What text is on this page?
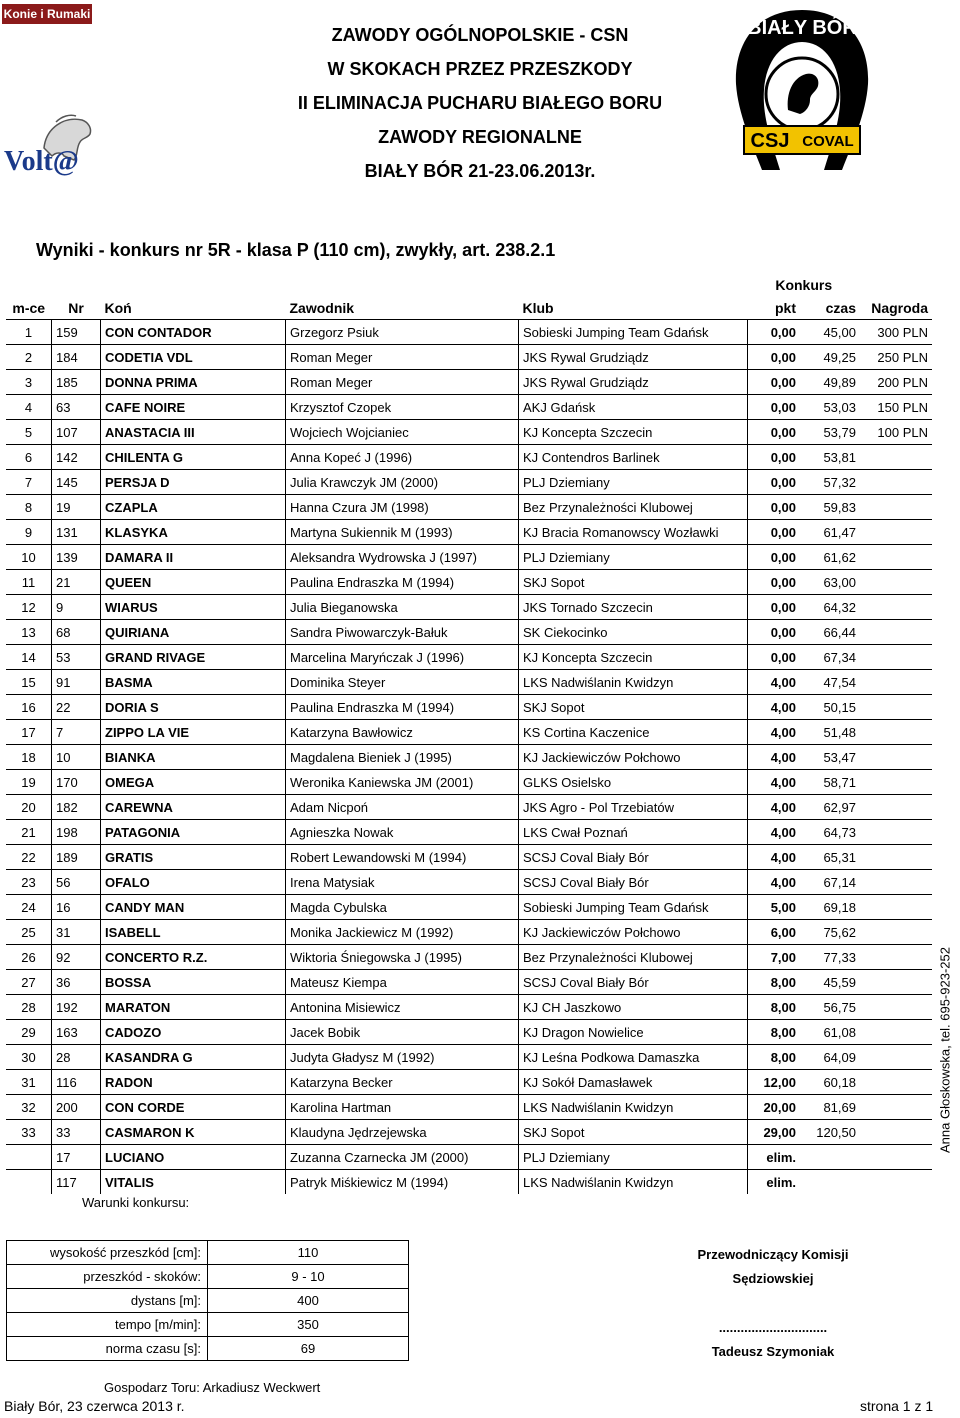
Konie i Rumaki
Volt@
ZAWODY OGÓLNOPOLSKIE - CSN
W SKOKACH PRZEZ PRZESZKODY
II ELIMINACJA PUCHARU BIAŁEGO BORU
ZAWODY REGIONALNE
BIAŁY BÓR 21-23.06.2013r.
BIAŁY BÓR
CSJ COVAL
Wyniki - konkurs nr 5R - klasa P (110 cm), zwykły, art. 238.2.1
					Konkurs		
m-ce	Nr	Koń	Zawodnik	Klub	pkt	czas	Nagroda
1	159	CON CONTADOR	Grzegorz Psiuk	Sobieski Jumping Team Gdańsk	0,00	45,00	300 PLN
2	184	CODETIA VDL	Roman Meger	JKS Rywal Grudziądz	0,00	49,25	250 PLN
3	185	DONNA PRIMA	Roman Meger	JKS Rywal Grudziądz	0,00	49,89	200 PLN
4	63	CAFE NOIRE	Krzysztof Czopek	AKJ Gdańsk	0,00	53,03	150 PLN
5	107	ANASTACIA III	Wojciech Wojcianiec	KJ Koncepta Szczecin	0,00	53,79	100 PLN
6	142	CHILENTA G	Anna Kopeć J (1996)	KJ Contendros Barlinek	0,00	53,81	
7	145	PERSJA D	Julia Krawczyk JM (2000)	PLJ Dziemiany	0,00	57,32	
8	19	CZAPLA	Hanna Czura JM (1998)	Bez Przynależności Klubowej	0,00	59,83	
9	131	KLASYKA	Martyna Sukiennik M (1993)	KJ Bracia Romanowscy Wozławki	0,00	61,47	
10	139	DAMARA II	Aleksandra Wydrowska J (1997)	PLJ Dziemiany	0,00	61,62	
11	21	QUEEN	Paulina Endraszka M (1994)	SKJ Sopot	0,00	63,00	
12	9	WIARUS	Julia Bieganowska	JKS Tornado Szczecin	0,00	64,32	
13	68	QUIRIANA	Sandra Piwowarczyk-Bałuk	SK Ciekocinko	0,00	66,44	
14	53	GRAND RIVAGE	Marcelina Maryńczak J (1996)	KJ Koncepta Szczecin	0,00	67,34	
15	91	BASMA	Dominika Steyer	LKS Nadwiślanin Kwidzyn	4,00	47,54	
16	22	DORIA S	Paulina Endraszka M (1994)	SKJ Sopot	4,00	50,15	
17	7	ZIPPO LA VIE	Katarzyna Bawłowicz	KS Cortina Kaczenice	4,00	51,48	
18	10	BIANKA	Magdalena Bieniek J (1995)	KJ Jackiewiczów Połchowo	4,00	53,47	
19	170	OMEGA	Weronika Kaniewska JM (2001)	GLKS Osielsko	4,00	58,71	
20	182	CAREWNA	Adam Nicpoń	JKS Agro - Pol Trzebiatów	4,00	62,97	
21	198	PATAGONIA	Agnieszka Nowak	LKS Cwał Poznań	4,00	64,73	
22	189	GRATIS	Robert Lewandowski M (1994)	SCSJ Coval Biały Bór	4,00	65,31	
23	56	OFALO	Irena Matysiak	SCSJ Coval Biały Bór	4,00	67,14	
24	16	CANDY MAN	Magda Cybulska	Sobieski Jumping Team Gdańsk	5,00	69,18	
25	31	ISABELL	Monika Jackiewicz M (1992)	KJ Jackiewiczów Połchowo	6,00	75,62	
26	92	CONCERTO R.Z.	Wiktoria Śniegowska J (1995)	Bez Przynależności Klubowej	7,00	77,33	
27	36	BOSSA	Mateusz Kiempa	SCSJ Coval Biały Bór	8,00	45,59	
28	192	MARATON	Antonina Misiewicz	KJ CH Jaszkowo	8,00	56,75	
29	163	CADOZO	Jacek Bobik	KJ Dragon Nowielice	8,00	61,08	
30	28	KASANDRA G	Judyta Gładysz M (1992)	KJ Leśna Podkowa Damaszka	8,00	64,09	
31	116	RADON	Katarzyna Becker	KJ Sokół Damasławek	12,00	60,18	
32	200	CON CORDE	Karolina Hartman	LKS Nadwiślanin Kwidzyn	20,00	81,69	
33	33	CASMARON K	Klaudyna Jędrzejewska	SKJ Sopot	29,00	120,50	
	17	LUCIANO	Zuzanna Czarnecka JM (2000)	PLJ Dziemiany	elim.		
	117	VITALIS	Patryk Miśkiewicz M (1994)	LKS Nadwiślanin Kwidzyn	elim.		
Anna Głoskowska, tel. 695-923-252
Warunki konkursu:
wysokość przeszkód [cm]:	110
przeszkód - skoków:	9 - 10
dystans [m]:	400
tempo [m/min]:	350
norma czasu [s]:	69
Przewodniczący Komisji
Sędziowskiej
..............................
Tadeusz Szymoniak
Gospodarz Toru: Arkadiusz Weckwert
Biały Bór, 23 czerwca 2013 r.	strona 1 z 1
